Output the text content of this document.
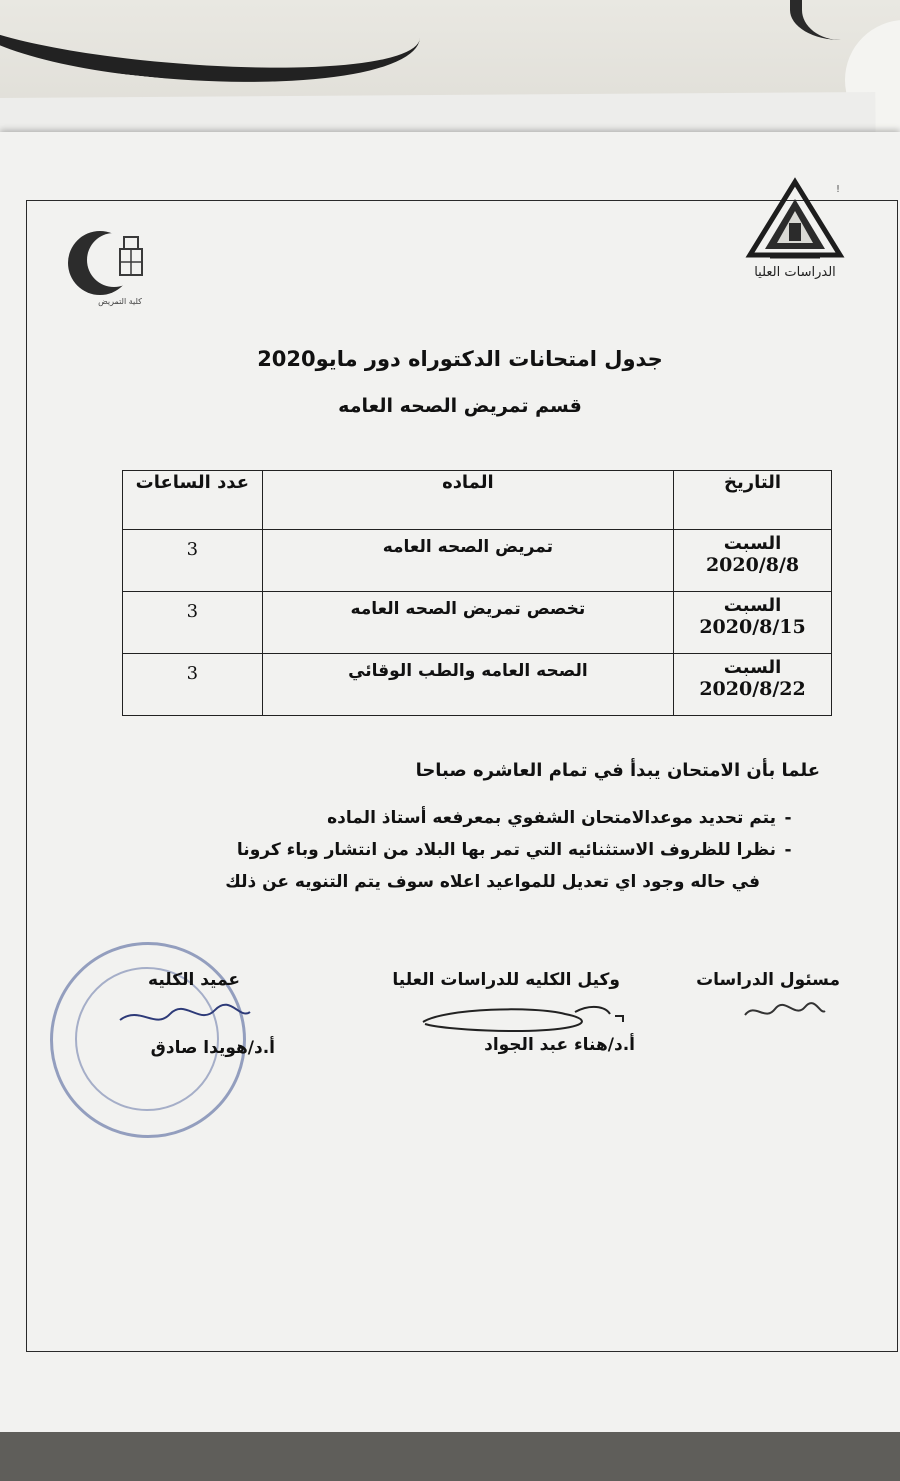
!
الدراسات العليا
كلية التمريض
جدول امتحانات الدكتوراه دور مايو2020
قسم تمريض الصحه العامه
التاريخ	الماده	عدد الساعات

السبت
2020/8/8	تمريض الصحه العامه	3

السبت
2020/8/15	تخصص تمريض الصحه العامه	3

السبت
2020/8/22	الصحه العامه والطب الوقائي	3
علما بأن الامتحان يبدأ في تمام العاشره صباحا
-يتم تحديد موعدالامتحان الشفوي بمعرفعه أستاذ الماده
-نظرا للظروف الاستثنائيه التي تمر بها البلاد من انتشار وباء كرونا
في حاله وجود اي تعديل للمواعيد اعلاه سوف يتم التنويه عن ذلك
مسئول الدراسات
وكيل الكليه للدراسات العليا
أ.د/هناء عبد الجواد
عميد الكليه
أ.د/هويدا صادق
